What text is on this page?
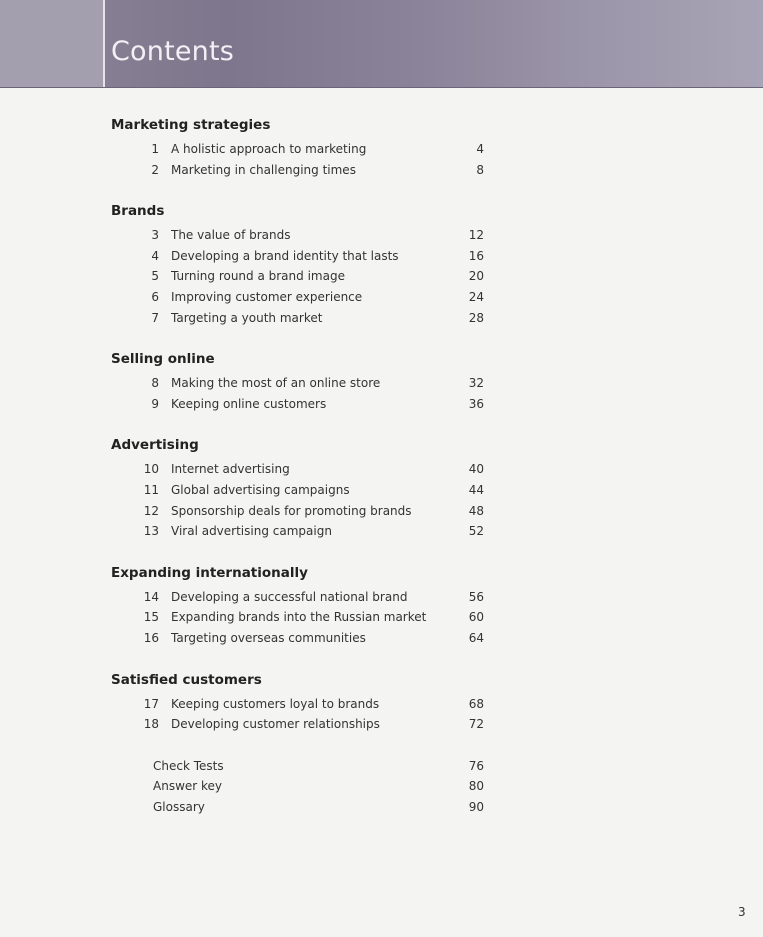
Contents
Marketing strategies
1 A holistic approach to marketing	4
2 Marketing in challenging times	8
Brands
3 The value of brands	12
4 Developing a brand identity that lasts	16
5 Turning round a brand image	20
6 Improving customer experience	24
7 Targeting a youth market	28
Selling online
8 Making the most of an online store	32
9 Keeping online customers	36
Advertising
10 Internet advertising	40
11 Global advertising campaigns	44
12 Sponsorship deals for promoting brands	48
13 Viral advertising campaign	52
Expanding internationally
14 Developing a successful national brand	56
15 Expanding brands into the Russian market	60
16 Targeting overseas communities	64
Satisfied customers
17 Keeping customers loyal to brands	68
18 Developing customer relationships	72
Check Tests	76
Answer key	80
Glossary	90
3
